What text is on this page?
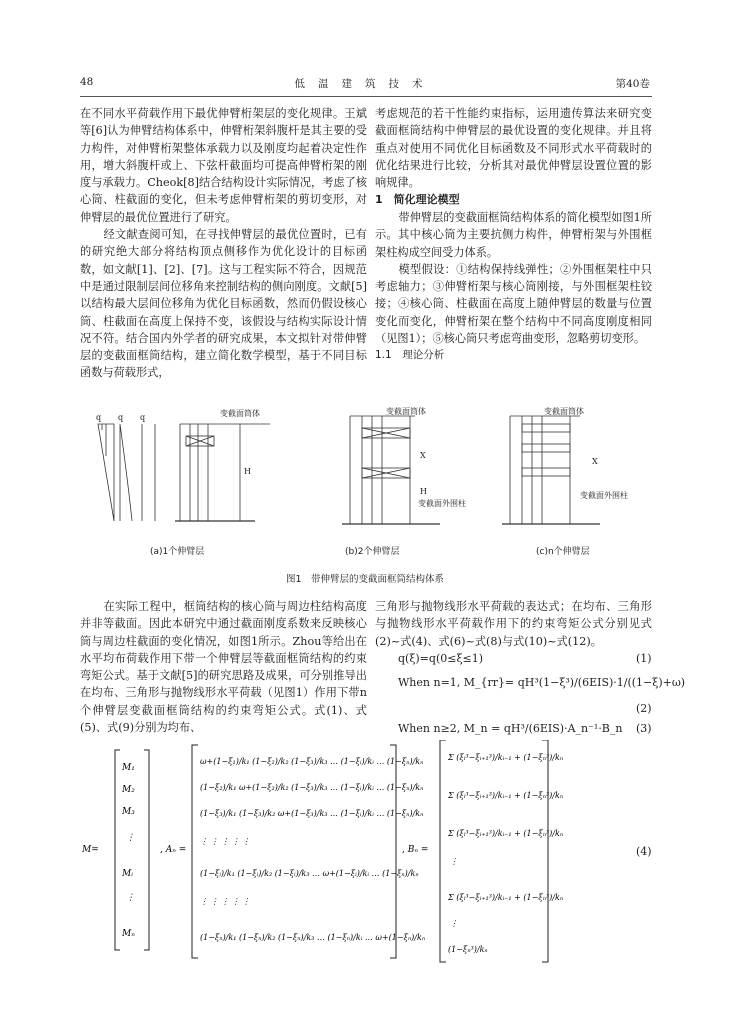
48	低温建筑技术	第40卷

在不同水平荷载作用下最优伸臂桁架层的变化规律。王斌等[6]认为伸臂结构体系中，伸臂桁架斜腹杆是其主要的受力构件，对伸臂桁架整体承载力以及刚度均起着决定性作用，增大斜腹杆或上、下弦杆截面均可提高伸臂桁架的刚度与承载力。Cheok[8]结合结构设计实际情况，考虑了核心筒、柱截面的变化，但未考虑伸臂桁架的剪切变形，对伸臂层的最优位置进行了研究。

经文献查阅可知，在寻找伸臂层的最优位置时，已有的研究绝大部分将结构顶点侧移作为优化设计的目标函数，如文献[1]、[2]、[7]。这与工程实际不符合，因规范中是通过限制层间位移角来控制结构的侧向刚度。文献[5]以结构最大层间位移角为优化目标函数，然而仍假设核心筒、柱截面在高度上保持不变，该假设与结构实际设计情况不符。结合国内外学者的研究成果，本文拟针对带伸臂层的变截面框筒结构，建立简化数学模型，基于不同目标函数与荷载形式，

考虑规范的若干性能约束指标，运用遗传算法来研究变截面框筒结构中伸臂层的最优设置的变化规律。并且将重点对使用不同优化目标函数及不同形式水平荷载时的优化结果进行比较，分析其对最优伸臂层设置位置的影响规律。

1　简化理论模型

带伸臂层的变截面框筒结构体系的简化模型如图1所示。其中核心筒为主要抗侧力构件，伸臂桁架与外围框架柱构成空间受力体系。

模型假设：①结构保持线弹性；②外围框架柱中只考虑轴力；③伸臂桁架与核心筒刚接，与外围框架柱铰接；④核心筒、柱截面在高度上随伸臂层的数量与位置变化而变化，伸臂桁架在整个结构中不同高度刚度相同（见图1）；⑤核心筒只考虑弯曲变形，忽略剪切变形。

1.1　理论分析

q q q	变截面筒体
H
变截面筒体
X
H
变截面外围柱
变截面筒体
X
变截面外围柱
(a)1个伸臂层	(b)2个伸臂层	(c)n个伸臂层
图1　带伸臂层的变截面框筒结构体系

在实际工程中，框筒结构的核心筒与周边柱结构高度并非等截面。因此本研究中通过截面刚度系数来反映核心筒与周边柱截面的变化情况，如图1所示。Zhou等给出在水平均布荷载作用下带一个伸臂层等截面框筒结构的约束弯矩公式。基于文献[5]的研究思路及成果，可分别推导出在均布、三角形与抛物线形水平荷载（见图1）作用下带n个伸臂层变截面框筒结构的约束弯矩公式。式(1)、式(5)、式(9)分别为均布、

三角形与抛物线形水平荷载的表达式；在均布、三角形与抛物线形水平荷载作用下的约束弯矩公式分别见式(2)~式(4)、式(6)~式(8)与式(10)~式(12)。

q(ξ)=q(0≤ξ≤1)	(1)
When n=1, M_{rr}= qH³(1−ξ³)/(6EIS)·1/((1−ξ)+ω)
(2)
When n≥2, M_n = qH³/(6EIS)·A_n⁻¹·B_n (3)
M=
M₁
M₂
M₃
⋮
Mᵢ
⋮
Mₙ
, Aₙ =
ω+(1−ξ₁)/k₁ (1−ξ₂)/k₂ (1−ξ₃)/k₃ … (1−ξᵢ)/kᵢ … (1−ξₙ)/kₙ
(1−ξ₂)/k₁ ω+(1−ξ₂)/k₂ (1−ξ₃)/k₃ … (1−ξᵢ)/kᵢ … (1−ξₙ)/kₙ
(1−ξ₃)/k₁ (1−ξ₃)/k₂ ω+(1−ξ₃)/k₃ … (1−ξᵢ)/kᵢ … (1−ξₙ)/kₙ
⋮ ⋮ ⋮ ⋮ ⋮
(1−ξᵢ)/k₁ (1−ξᵢ)/k₂ (1−ξᵢ)/k₃ … ω+(1−ξᵢ)/kᵢ … (1−ξₙ)/kₙ
⋮ ⋮ ⋮ ⋮ ⋮
(1−ξₙ)/k₁ (1−ξₙ)/k₂ (1−ξₙ)/k₃ … (1−ξₙ)/kᵢ … ω+(1−ξₙ)/kₙ
, Bₙ =
Σ (ξᵢ³−ξᵢ₊₁³)/kᵢ₋₁ + (1−ξₙ³)/kₙ
Σ (ξᵢ³−ξᵢ₊₁³)/kᵢ₋₁ + (1−ξₙ³)/kₙ
Σ (ξᵢ³−ξᵢ₊₁³)/kᵢ₋₁ + (1−ξₙ³)/kₙ
⋮
Σ (ξᵢ³−ξᵢ₊₁³)/kᵢ₋₁ + (1−ξₙ³)/kₙ
⋮
(1−ξₙ³)/kₙ
(4)
